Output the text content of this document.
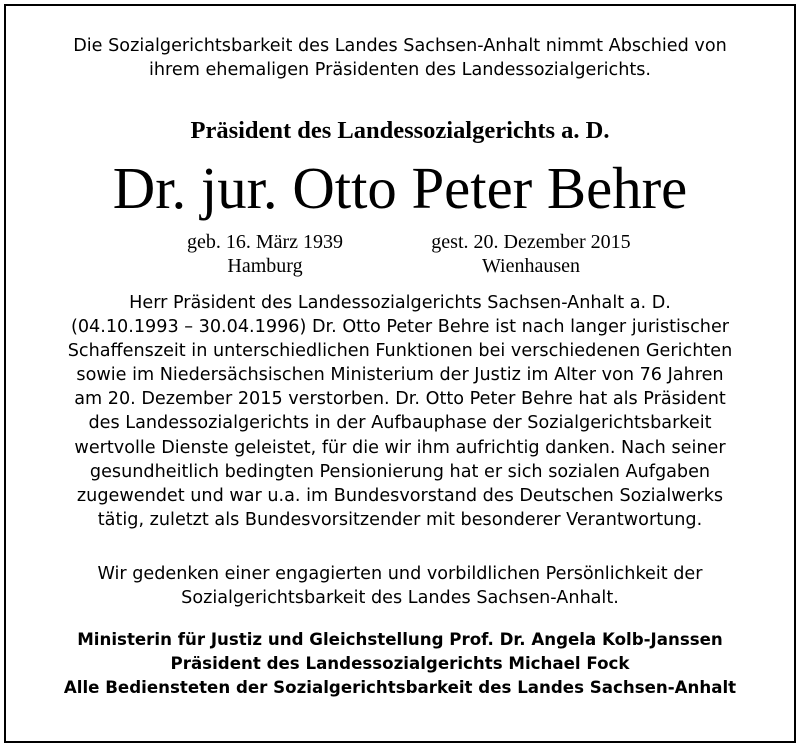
Die Sozialgerichtsbarkeit des Landes Sachsen-Anhalt nimmt Abschied von
ihrem ehemaligen Präsidenten des Landessozialgerichts.
Präsident des Landessozialgerichts a. D.
Dr. jur. Otto Peter Behre
geb. 16. März 1939
Hamburg
gest. 20. Dezember 2015
Wienhausen
Herr Präsident des Landessozialgerichts Sachsen-Anhalt a. D.
(04.10.1993 – 30.04.1996) Dr. Otto Peter Behre ist nach langer juristischer
Schaffenszeit in unterschiedlichen Funktionen bei verschiedenen Gerichten
sowie im Niedersächsischen Ministerium der Justiz im Alter von 76 Jahren
am 20. Dezember 2015 verstorben. Dr. Otto Peter Behre hat als Präsident
des Landessozialgerichts in der Aufbauphase der Sozialgerichtsbarkeit
wertvolle Dienste geleistet, für die wir ihm aufrichtig danken. Nach seiner
gesundheitlich bedingten Pensionierung hat er sich sozialen Aufgaben
zugewendet und war u.a. im Bundesvorstand des Deutschen Sozialwerks
tätig, zuletzt als Bundesvorsitzender mit besonderer Verantwortung.
Wir gedenken einer engagierten und vorbildlichen Persönlichkeit der
Sozialgerichtsbarkeit des Landes Sachsen-Anhalt.
Ministerin für Justiz und Gleichstellung Prof. Dr. Angela Kolb-Janssen
Präsident des Landessozialgerichts Michael Fock
Alle Bediensteten der Sozialgerichtsbarkeit des Landes Sachsen-Anhalt
